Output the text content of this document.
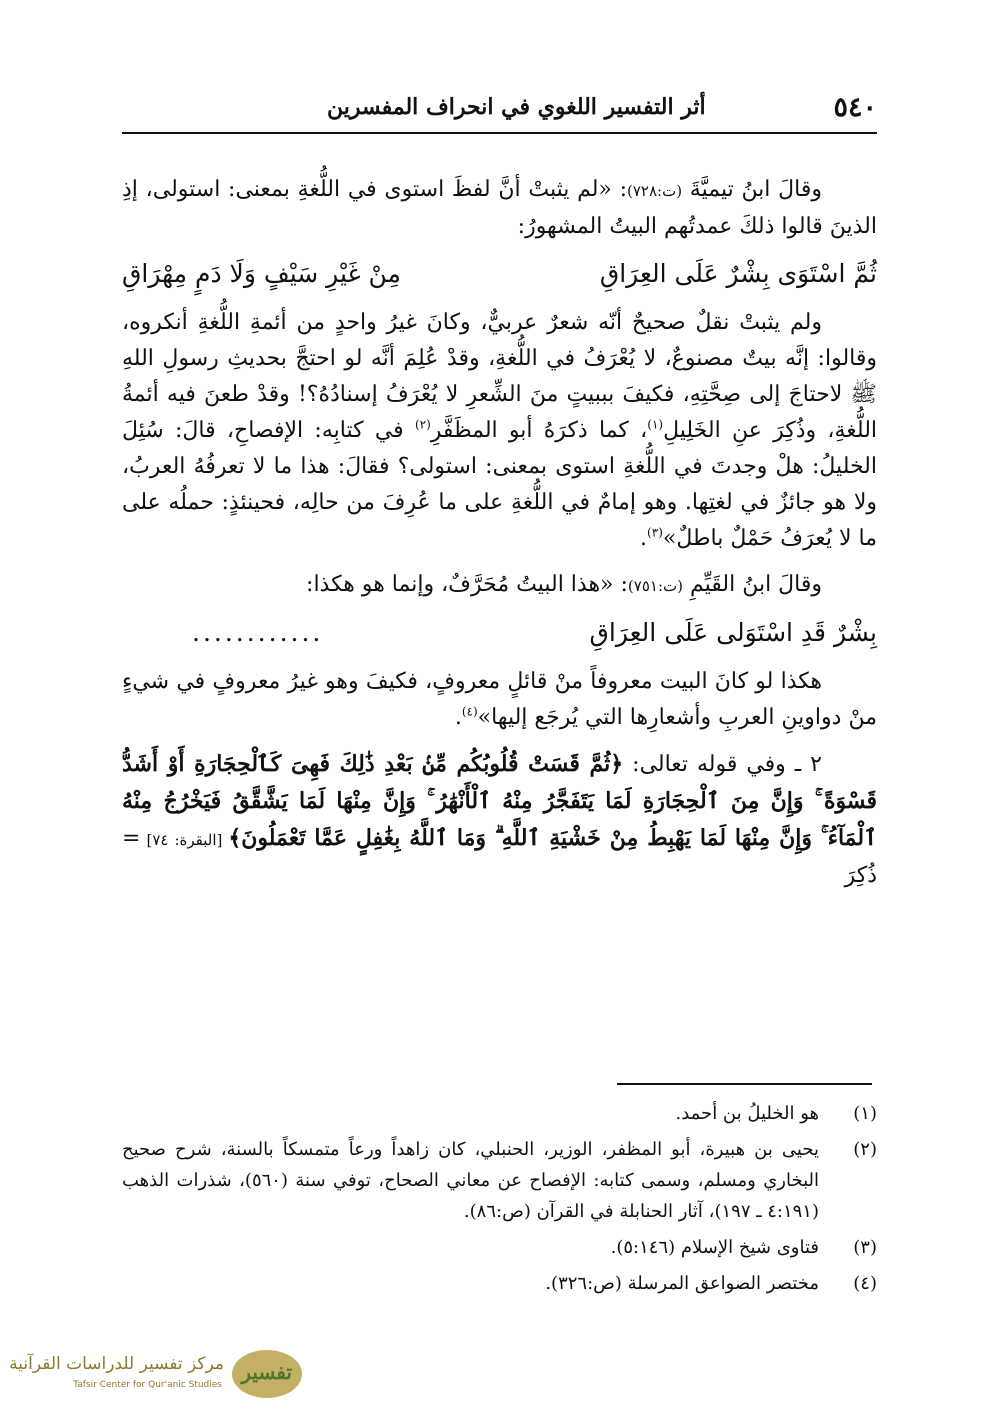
٥٤٠
أثر التفسير اللغوي في انحراف المفسرين

وقالَ ابنُ تيميَّةَ (ت:٧٢٨): «لم يثبتْ أنَّ لفظَ استوى في اللُّغةِ بمعنى: استولى، إذِ الذينَ قالوا ذلكَ عمدتُهم البيتُ المشهورُ:

ثُمَّ اسْتَوَى بِشْرٌ عَلَى العِرَاقِ
مِنْ غَيْرِ سَيْفٍ وَلَا دَمٍ مِهْرَاقِ

ولم يثبتْ نقلٌ صحيحٌ أنّه شعرٌ عربيٌّ، وكانَ غيرُ واحدٍ من أئمةِ اللُّغةِ أنكروه، وقالوا: إنَّه بيتٌ مصنوعٌ، لا يُعْرَفُ في اللُّغةِ، وقدْ عُلِمَ أنَّه لو احتجَّ بحديثِ رسولِ اللهِ ﷺ لاحتاجَ إلى صِحَّتِهِ، فكيفَ بببيتٍ منَ الشِّعرِ لا يُعْرَفُ إسنادُهُ؟! وقدْ طعنَ فيه أئمةُ اللُّغةِ، وذُكِرَ عنِ الخَلِيلِ$^{(١)}$، كما ذكرَهُ أبو المظَفَّرِ$^{(٢)}$ في كتابِه: الإفصاحِ، قالَ: سُئِلَ الخليلُ: هلْ وجدتَ في اللُّغةِ استوى بمعنى: استولى؟ فقالَ: هذا ما لا تعرفُهُ العربُ، ولا هو جائزٌ في لغتِها. وهو إمامٌ في اللُّغةِ على ما عُرِفَ من حالِه، فحينئذٍ: حملُه على ما لا يُعرَفُ حَمْلٌ باطلٌ»$^{(٣)}$.

وقالَ ابنُ القَيِّمِ (ت:٧٥١): «هذا البيتُ مُحَرَّفٌ، وإنما هو هكذا:

بِشْرٌ قَدِ اسْتَوَلى عَلَى العِرَاقِ
............

هكذا لو كانَ البيت معروفاً منْ قائلٍ معروفٍ، فكيفَ وهو غيرُ معروفٍ في شيءٍ منْ دواوينِ العربِ وأشعارِها التي يُرجَع إليها»$^{(٤)}$.

٢ ـ وفي قوله تعالى: ﴿ثُمَّ قَسَتْ قُلُوبُكُم مِّنۢ بَعْدِ ذَٰلِكَ فَهِىَ كَٱلْحِجَارَةِ أَوْ أَشَدُّ قَسْوَةً ۚ وَإِنَّ مِنَ ٱلْحِجَارَةِ لَمَا يَتَفَجَّرُ مِنْهُ ٱلْأَنْهَٰرُ ۚ وَإِنَّ مِنْهَا لَمَا يَشَّقَّقُ فَيَخْرُجُ مِنْهُ ٱلْمَآءُ ۚ وَإِنَّ مِنْهَا لَمَا يَهْبِطُ مِنْ خَشْيَةِ ٱللَّهِ ۗ وَمَا ٱللَّهُ بِغَٰفِلٍ عَمَّا تَعْمَلُونَ﴾ [البقرة: ٧٤] = ذُكِرَ

(١)
هو الخليلُ بن أحمد.
(٢)
يحيى بن هبيرة، أبو المظفر، الوزير، الحنبلي، كان زاهداً ورعاً متمسكاً بالسنة، شرح صحيح البخاري ومسلم، وسمى كتابه: الإفصاح عن معاني الصحاح، توفي سنة (٥٦٠)، شذرات الذهب (٤:١٩١ ـ ١٩٧)، آثار الحنابلة في القرآن (ص:٨٦).
(٣)
فتاوى شيخ الإسلام (٥:١٤٦).
(٤)
مختصر الصواعق المرسلة (ص:٣٢٦).
تفسير
مركز تفسير للدراسات القرآنية
Tafsir Center for Qur'anic Studies
